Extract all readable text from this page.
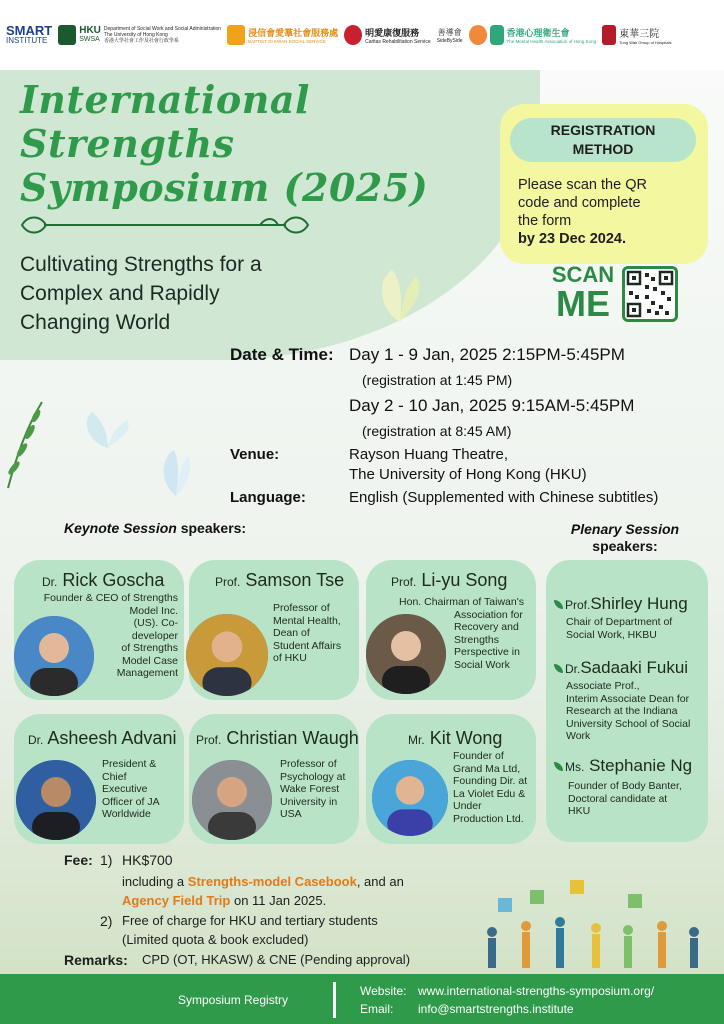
SMART
INSTITUTE
HKU
SWSA
Department of Social Work and Social Administration
The University of Hong Kong
香港大學社會工作及社會行政學系
浸信會愛羣社會服務處
BAPTIST OI KWAN SOCIAL SERVICE
明愛康復服務
Caritas Rehabilitation Service
善導會
SideBySide
香港心理衛生會
The Mental Health Association of Hong Kong
東華三院
Tung Wah Group of Hospitals
International
Strengths
Symposium (2025)
Cultivating Strengths for a
Complex and Rapidly
Changing World
REGISTRATION
METHOD
Please scan the QR
code and complete
the form
by 23 Dec 2024.
SCAN
ME
Date & Time: Day 1 - 9 Jan, 2025 2:15PM-5:45PM
(registration at 1:45 PM)
Day 2 - 10 Jan, 2025 9:15AM-5:45PM
(registration at 8:45 AM)
Venue:	Rayson Huang Theatre,
The University of Hong Kong (HKU)
Language:	English (Supplemented with Chinese subtitles)
Keynote Session speakers:	Plenary Session
speakers:
Dr. Rick Goscha
Founder & CEO of Strengths
Model Inc.
(US). Co-
developer
of Strengths
Model Case
Management
Prof. Samson Tse
Professor of
Mental Health,
Dean of
Student Affairs
of HKU
Prof. Li-yu Song
Hon. Chairman of Taiwan's
Association for
Recovery and
Strengths
Perspective in
Social Work
Dr. Asheesh Advani
President &
Chief
Executive
Officer of JA
Worldwide
Prof. Christian Waugh
Professor of
Psychology at
Wake Forest
University in
USA
Mr. Kit Wong
Founder of
Grand Ma Ltd,
Founding Dir. at
La Violet Edu &
Under
Production Ltd.
Prof.Shirley Hung
Chair of Department of
Social Work, HKBU
Dr.Sadaaki Fukui
Associate Prof.,
Interim Associate Dean for
Research at the Indiana
University School of Social
Work
Ms. Stephanie Ng
Founder of Body Banter,
Doctoral candidate at
HKU
Fee: 1) HK$700
including a Strengths-model Casebook, and an
Agency Field Trip on 11 Jan 2025.
2) Free of charge for HKU and tertiary students
(Limited quota & book excluded)
Remarks: CPD (OT, HKASW) & CNE (Pending approval)
Symposium Registry
Website: www.international-strengths-symposium.org/
Email: info@smartstrengths.institute
